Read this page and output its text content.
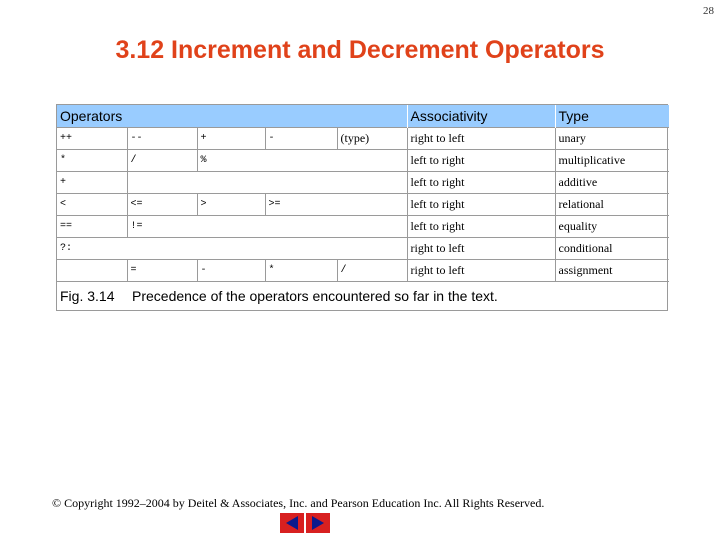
28
3.12 Increment and Decrement Operators
Operators					Associativity	Type
++	--	+	-	(type)	right to left	unary
*	/	%			left to right	multiplicative
+					left to right	additive
<	<=	>	>=		left to right	relational
==	!=				left to right	equality
?:					right to left	conditional
	=	-	*	/	right to left	assignment
Fig. 3.14 Precedence of the operators encountered so far in the text.						
© Copyright 1992–2004 by Deitel & Associates, Inc. and Pearson Education Inc. All Rights Reserved.
